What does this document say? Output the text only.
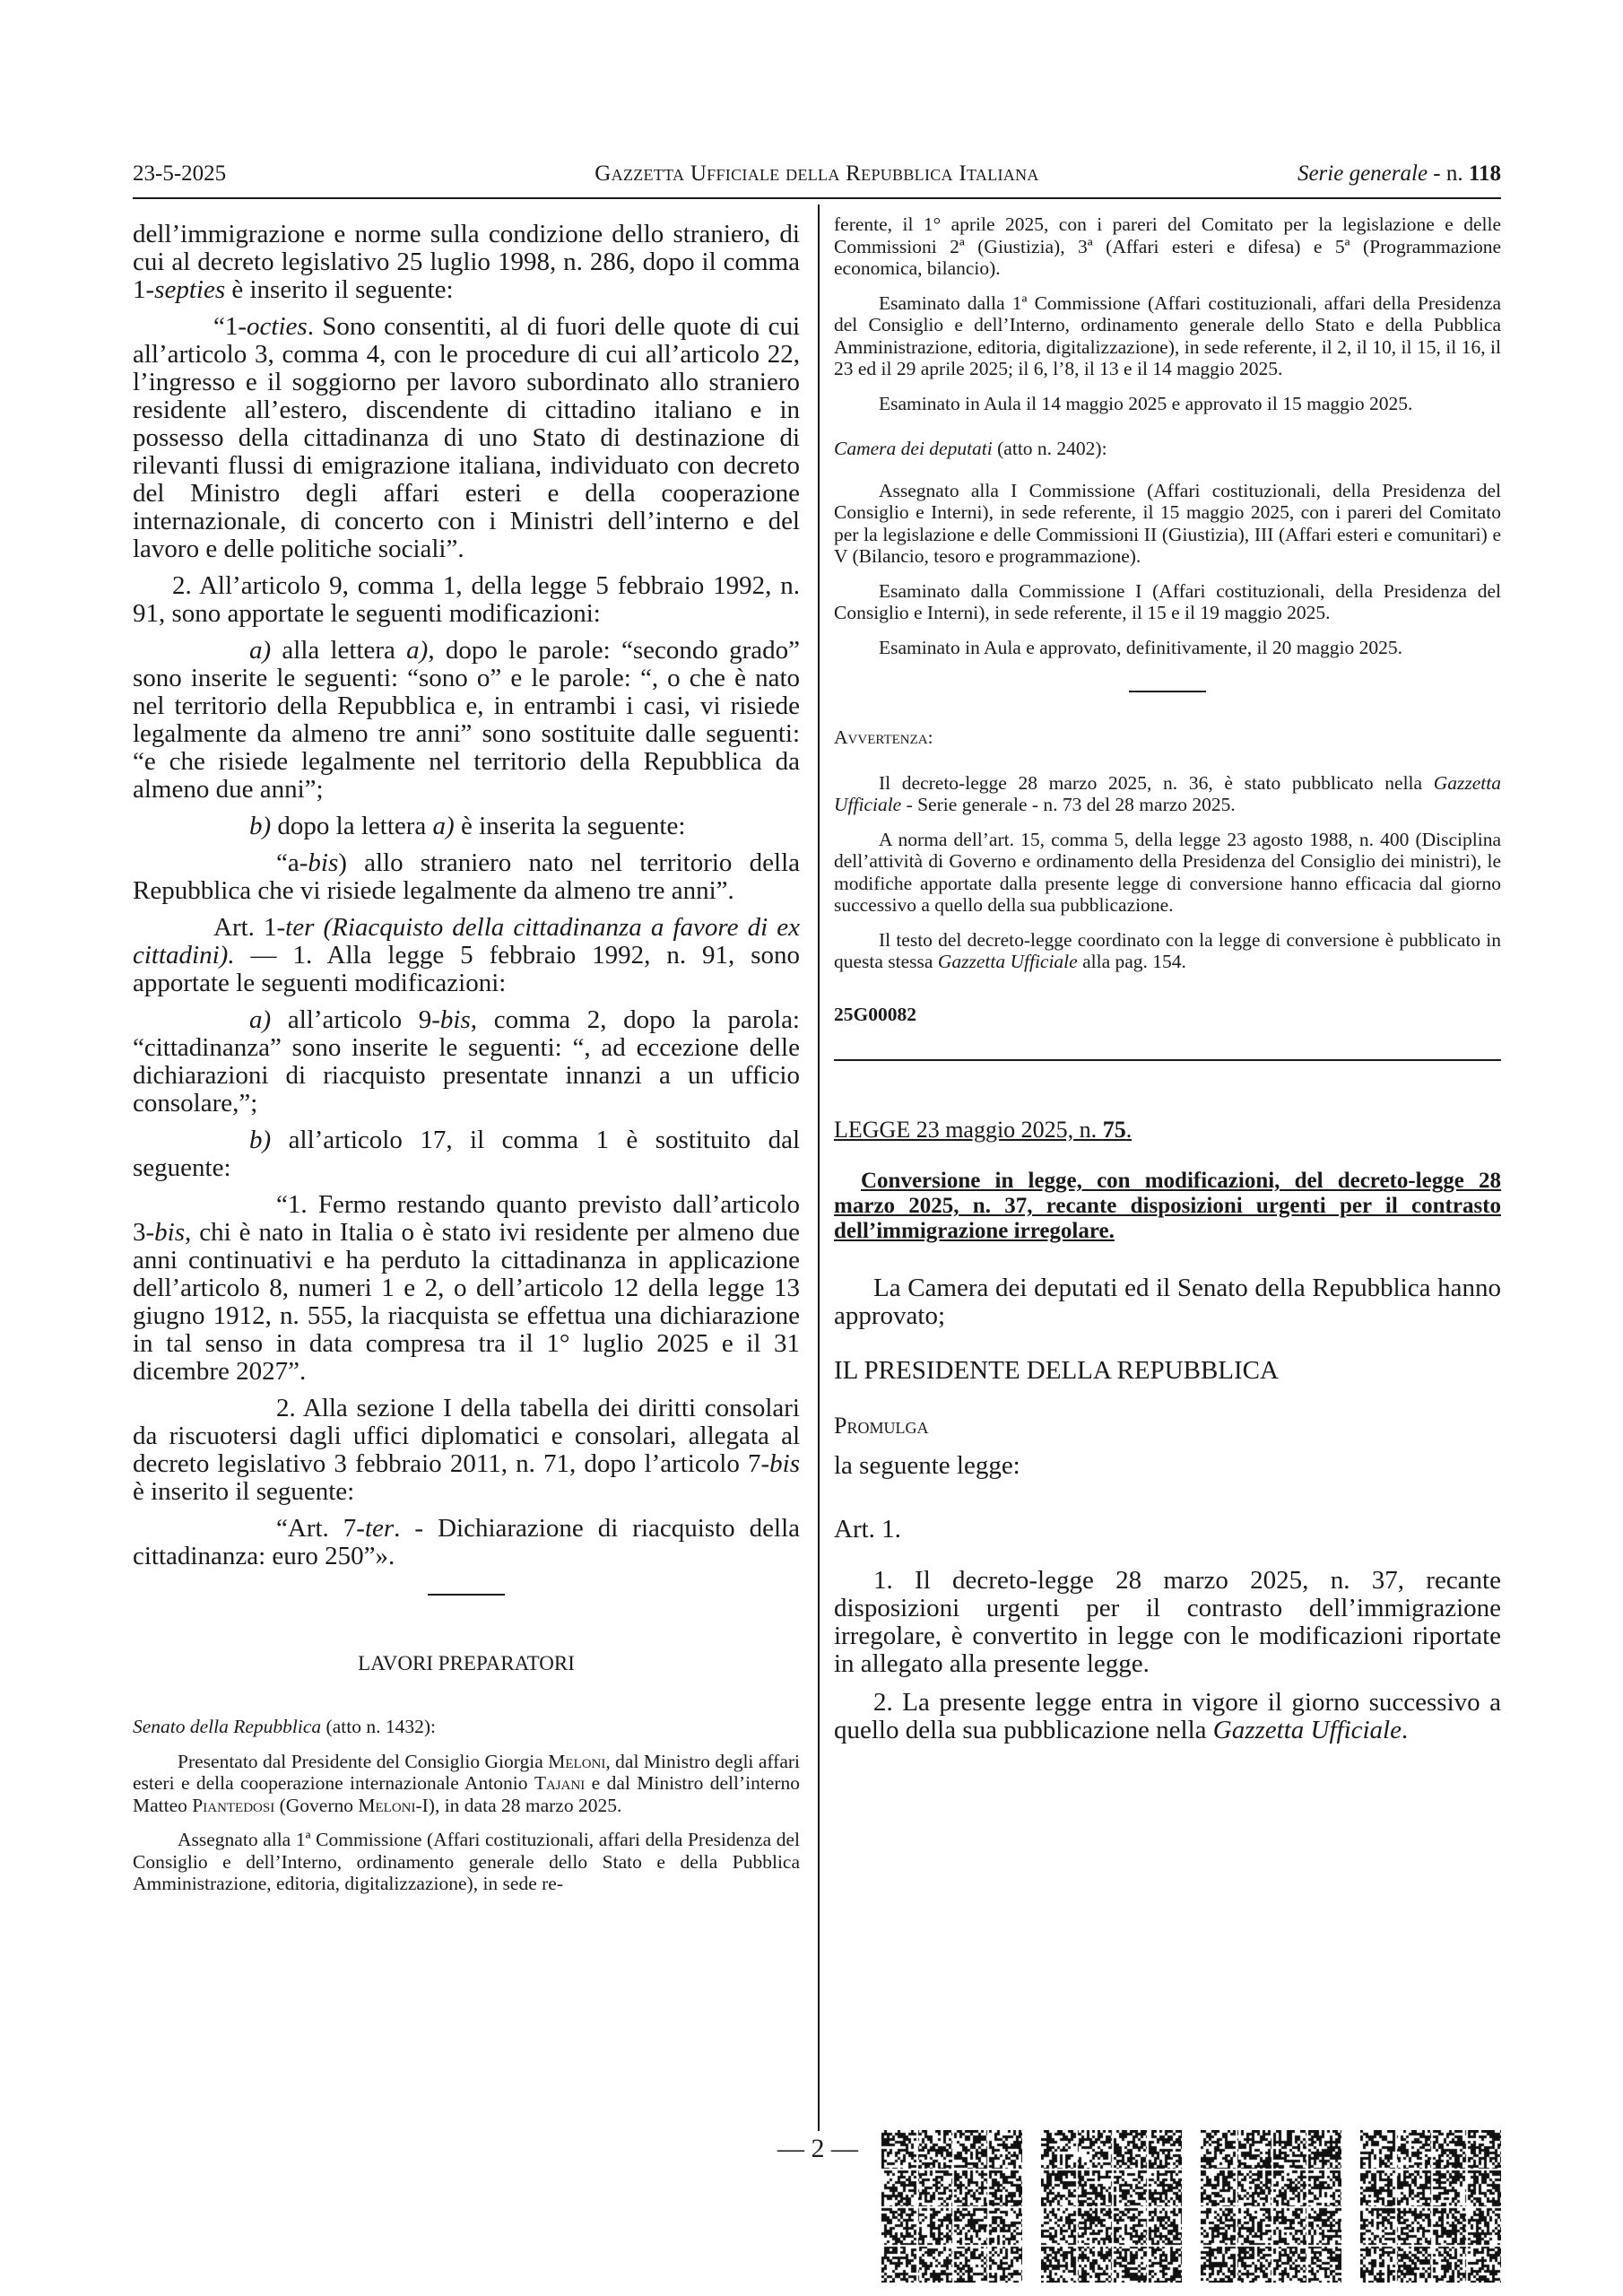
23-5-2025	Gazzetta Ufficiale della Repubblica Italiana	Serie generale - n. 118

dell’immigrazione e norme sulla condizione dello straniero, di cui al decreto legislativo 25 luglio 1998, n. 286, dopo il comma 1-septies è inserito il seguente:

“1-octies. Sono consentiti, al di fuori delle quote di cui all’articolo 3, comma 4, con le procedure di cui all’articolo 22, l’ingresso e il soggiorno per lavoro subordinato allo straniero residente all’estero, discendente di cittadino italiano e in possesso della cittadinanza di uno Stato di destinazione di rilevanti flussi di emigrazione italiana, individuato con decreto del Ministro degli affari esteri e della cooperazione internazionale, di concerto con i Ministri dell’interno e del lavoro e delle politiche sociali”.

2. All’articolo 9, comma 1, della legge 5 febbraio 1992, n. 91, sono apportate le seguenti modificazioni:

a) alla lettera a), dopo le parole: “secondo grado” sono inserite le seguenti: “sono o” e le parole: “, o che è nato nel territorio della Repubblica e, in entrambi i casi, vi risiede legalmente da almeno tre anni” sono sostituite dalle seguenti: “e che risiede legalmente nel territorio della Repubblica da almeno due anni”;

b) dopo la lettera a) è inserita la seguente:

“a-bis) allo straniero nato nel territorio della Repubblica che vi risiede legalmente da almeno tre anni”.

Art. 1-ter (Riacquisto della cittadinanza a favore di ex cittadini). — 1. Alla legge 5 febbraio 1992, n. 91, sono apportate le seguenti modificazioni:

a) all’articolo 9-bis, comma 2, dopo la parola: “cittadinanza” sono inserite le seguenti: “, ad eccezione delle dichiarazioni di riacquisto presentate innanzi a un ufficio consolare,”;

b) all’articolo 17, il comma 1 è sostituito dal seguente:

“1. Fermo restando quanto previsto dall’articolo 3-bis, chi è nato in Italia o è stato ivi residente per almeno due anni continuativi e ha perduto la cittadinanza in applicazione dell’articolo 8, numeri 1 e 2, o dell’articolo 12 della legge 13 giugno 1912, n. 555, la riacquista se effettua una dichiarazione in tal senso in data compresa tra il 1° luglio 2025 e il 31 dicembre 2027”.

2. Alla sezione I della tabella dei diritti consolari da riscuotersi dagli uffici diplomatici e consolari, allegata al decreto legislativo 3 febbraio 2011, n. 71, dopo l’articolo 7-bis è inserito il seguente:

“Art. 7-ter. - Dichiarazione di riacquisto della cittadinanza: euro 250”».

LAVORI PREPARATORI

Senato della Repubblica (atto n. 1432):

Presentato dal Presidente del Consiglio Giorgia Meloni, dal Ministro degli affari esteri e della cooperazione internazionale Antonio Tajani e dal Ministro dell’interno Matteo Piantedosi (Governo Meloni-I), in data 28 marzo 2025.

Assegnato alla 1ª Commissione (Affari costituzionali, affari della Presidenza del Consiglio e dell’Interno, ordinamento generale dello Stato e della Pubblica Amministrazione, editoria, digitalizzazione), in sede re-

ferente, il 1° aprile 2025, con i pareri del Comitato per la legislazione e delle Commissioni 2ª (Giustizia), 3ª (Affari esteri e difesa) e 5ª (Programmazione economica, bilancio).

Esaminato dalla 1ª Commissione (Affari costituzionali, affari della Presidenza del Consiglio e dell’Interno, ordinamento generale dello Stato e della Pubblica Amministrazione, editoria, digitalizzazione), in sede referente, il 2, il 10, il 15, il 16, il 23 ed il 29 aprile 2025; il 6, l’8, il 13 e il 14 maggio 2025.

Esaminato in Aula il 14 maggio 2025 e approvato il 15 maggio 2025.

Camera dei deputati (atto n. 2402):

Assegnato alla I Commissione (Affari costituzionali, della Presidenza del Consiglio e Interni), in sede referente, il 15 maggio 2025, con i pareri del Comitato per la legislazione e delle Commissioni II (Giustizia), III (Affari esteri e comunitari) e V (Bilancio, tesoro e programmazione).

Esaminato dalla Commissione I (Affari costituzionali, della Presidenza del Consiglio e Interni), in sede referente, il 15 e il 19 maggio 2025.

Esaminato in Aula e approvato, definitivamente, il 20 maggio 2025.

Avvertenza:

Il decreto-legge 28 marzo 2025, n. 36, è stato pubblicato nella Gazzetta Ufficiale - Serie generale - n. 73 del 28 marzo 2025.

A norma dell’art. 15, comma 5, della legge 23 agosto 1988, n. 400 (Disciplina dell’attività di Governo e ordinamento della Presidenza del Consiglio dei ministri), le modifiche apportate dalla presente legge di conversione hanno efficacia dal giorno successivo a quello della sua pubblicazione.

Il testo del decreto-legge coordinato con la legge di conversione è pubblicato in questa stessa Gazzetta Ufficiale alla pag. 154.

25G00082

LEGGE 23 maggio 2025, n. 75.
Conversione in legge, con modificazioni, del decreto-legge 28 marzo 2025, n. 37, recante disposizioni urgenti per il contrasto dell’immigrazione irregolare.

La Camera dei deputati ed il Senato della Repubblica hanno approvato;

IL PRESIDENTE DELLA REPUBBLICA

Promulga

la seguente legge:

Art. 1.

1. Il decreto-legge 28 marzo 2025, n. 37, recante disposizioni urgenti per il contrasto dell’immigrazione irregolare, è convertito in legge con le modificazioni riportate in allegato alla presente legge.

2. La presente legge entra in vigore il giorno successivo a quello della sua pubblicazione nella Gazzetta Ufficiale.

— 2 —
